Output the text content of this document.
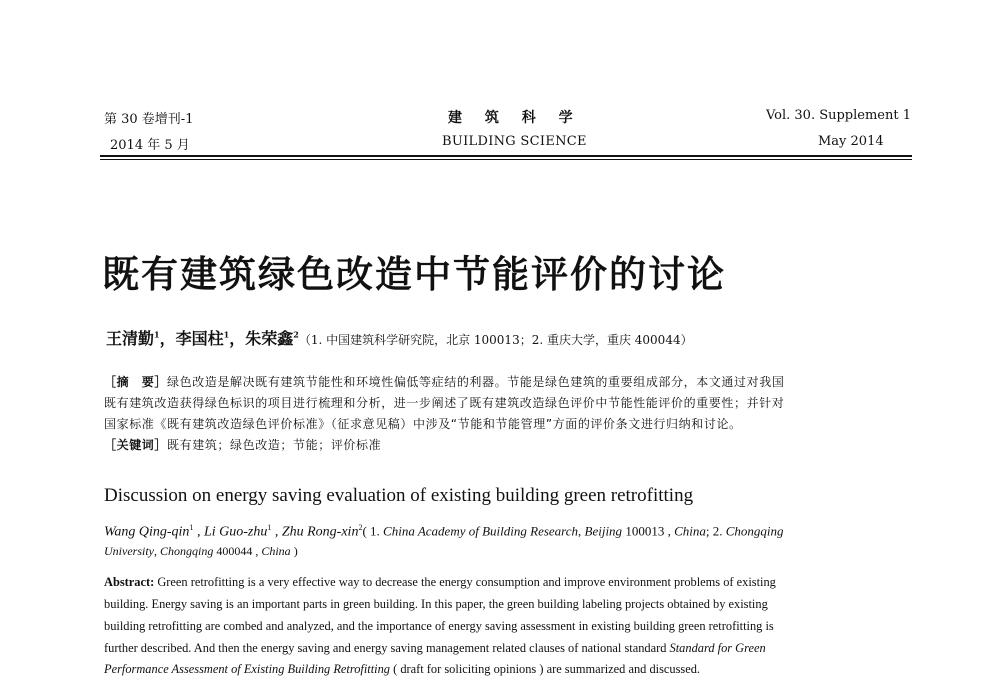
第 30 卷增刊-1
2014 年 5 月
建 筑 科 学
BUILDING SCIENCE
Vol. 30. Supplement 1
May 2014
既有建筑绿色改造中节能评价的讨论
王清勤$^1$，李国柱$^1$，朱荣鑫$^2$（1. 中国建筑科学研究院，北京 100013；2. 重庆大学，重庆 400044）
［摘　要］绿色改造是解决既有建筑节能性和环境性偏低等症结的利器。节能是绿色建筑的重要组成部分，本文通过对我国
既有建筑改造获得绿色标识的项目进行梳理和分析，进一步阐述了既有建筑改造绿色评价中节能性能评价的重要性；并针对
国家标准《既有建筑改造绿色评价标准》（征求意见稿）中涉及“节能和节能管理”方面的评价条文进行归纳和讨论。
［关键词］既有建筑；绿色改造；节能；评价标准
Discussion on energy saving evaluation of existing building green retrofitting
Wang Qing-qin$^1$ , Li Guo-zhu$^1$ , Zhu Rong-xin$^2$( 1. China Academy of Building Research, Beijing 100013 , China; 2. Chongqing
University, Chongqing 400044 , China )
Abstract: Green retrofitting is a very effective way to decrease the energy consumption and improve environment problems of existing
building. Energy saving is an important parts in green building. In this paper, the green building labeling projects obtained by existing
building retrofitting are combed and analyzed, and the importance of energy saving assessment in existing building green retrofitting is
further described. And then the energy saving and energy saving management related clauses of national standard Standard for Green
Performance Assessment of Existing Building Retrofitting ( draft for soliciting opinions ) are summarized and discussed.
